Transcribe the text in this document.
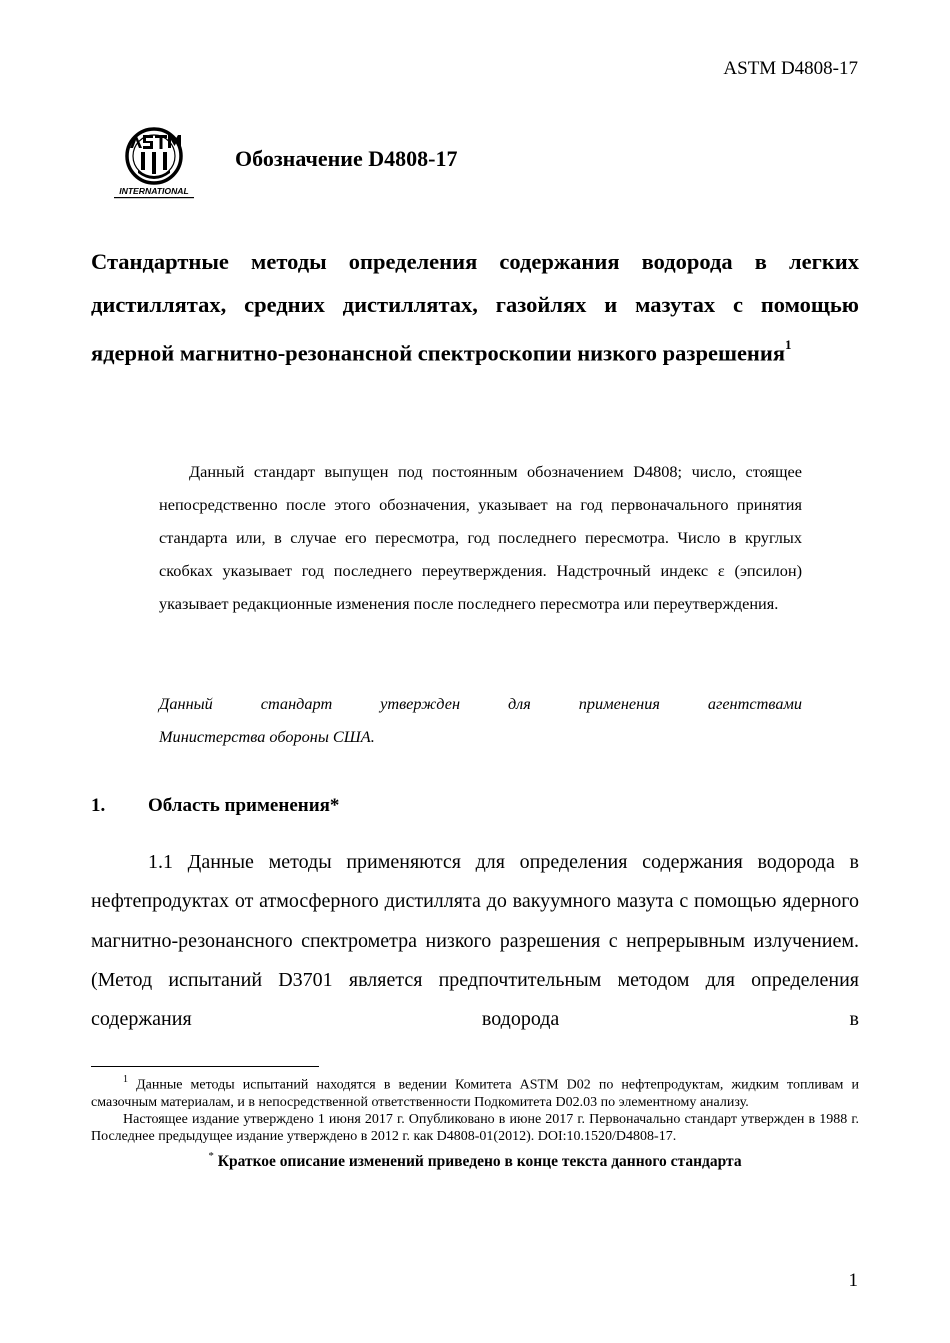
ASTM D4808-17
INTERNATIONAL
Обозначение D4808-17
Стандартные методы определения содержания водорода в легких дистиллятах, средних дистиллятах, газойлях и мазутах с помощью ядерной магнитно-резонансной спектроскопии низкого разрешения$^1$
Данный стандарт выпущен под постоянным обозначением D4808; число, стоящее непосредственно после этого обозначения, указывает на год первоначального принятия стандарта или, в случае его пересмотра, год последнего пересмотра. Число в круглых скобках указывает год последнего переутверждения. Надстрочный индекс ε (эпсилон) указывает редакционные изменения после последнего пересмотра или переутверждения.
Данный стандарт утвержден для применения агентствами
Министерства обороны США.
1.	Область применения*
1.1 Данные методы применяются для определения содержания водорода в нефтепродуктах от атмосферного дистиллята до вакуумного мазута с помощью ядерного магнитно-резонансного спектрометра низкого разрешения с непрерывным излучением. (Метод испытаний D3701 является предпочтительным методом для определения содержания водорода в

$^1$ Данные методы испытаний находятся в ведении Комитета ASTM D02 по нефтепродуктам, жидким топливам и смазочным материалам, и в непосредственной ответственности Подкомитета D02.03 по элементному анализу.

Настоящее издание утверждено 1 июня 2017 г. Опубликовано в июне 2017 г. Первоначально стандарт утвержден в 1988 г. Последнее предыдущее издание утверждено в 2012 г. как D4808-01(2012). DOI:10.1520/D4808-17.

* Краткое описание изменений приведено в конце текста данного стандарта

1
